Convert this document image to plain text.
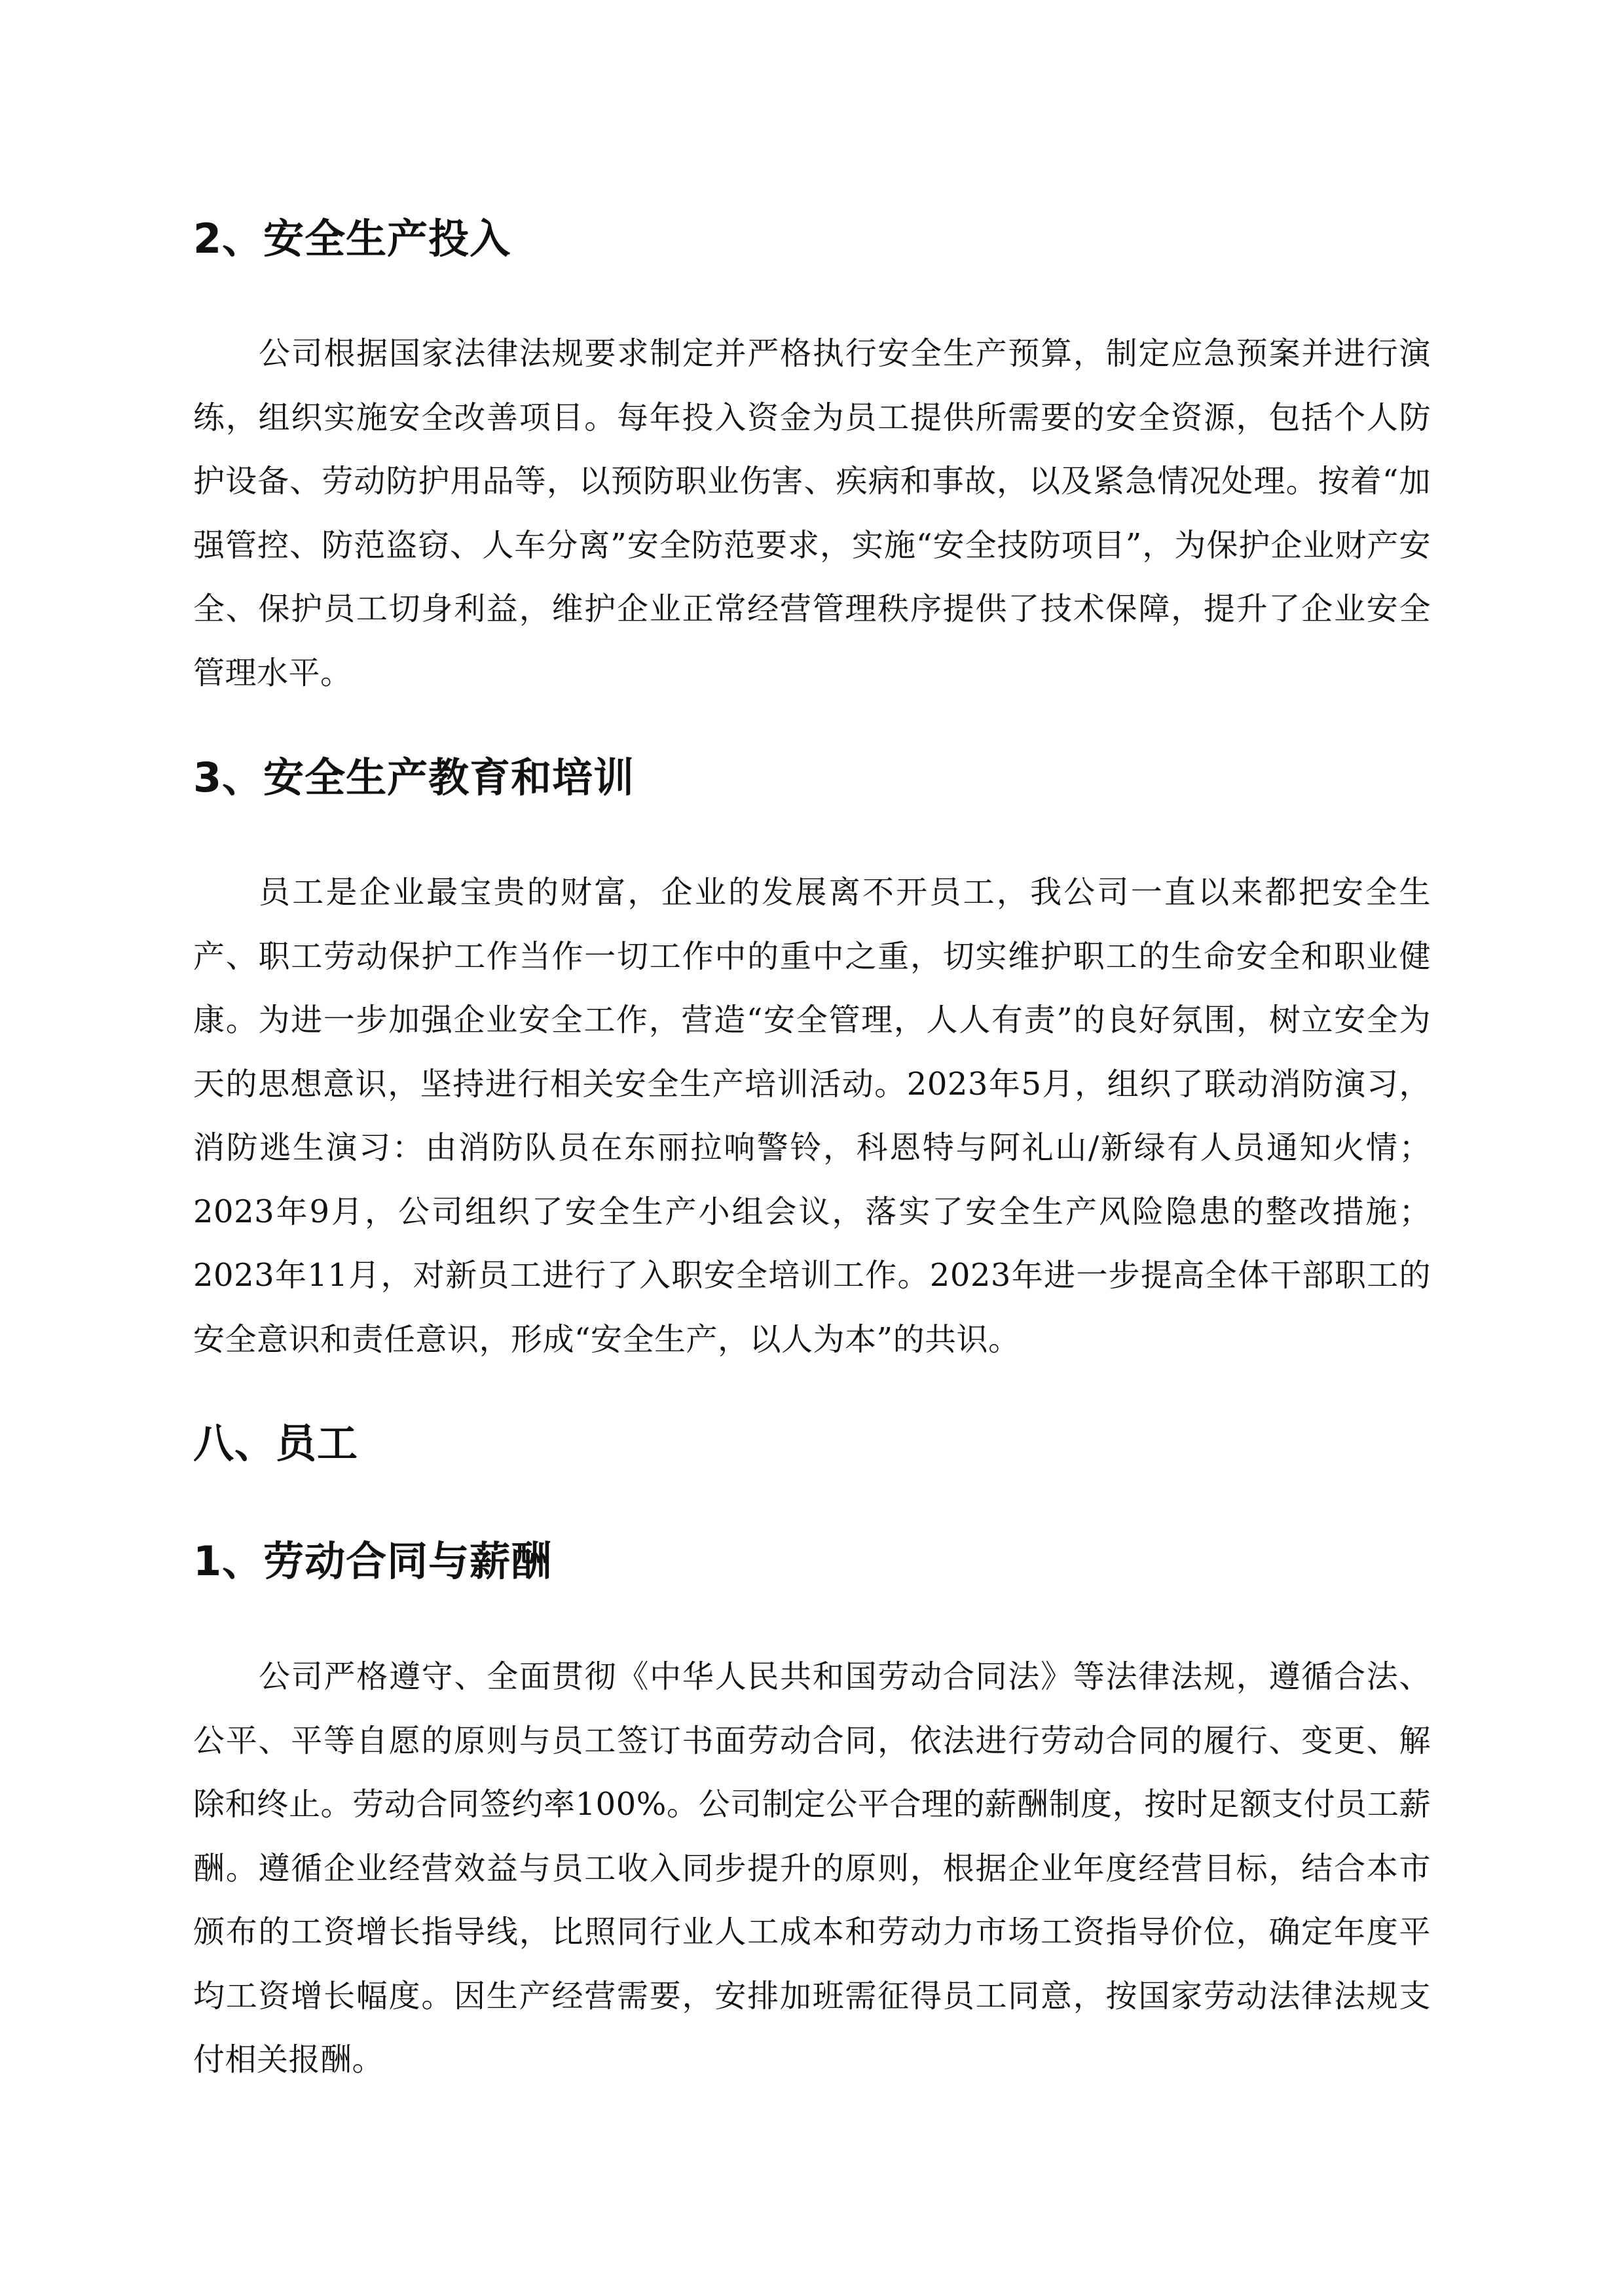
2、安全生产投入

公司根据国家法律法规要求制定并严格执行安全生产预算，制定应急预案并进行演练，组织实施安全改善项目。每年投入资金为员工提供所需要的安全资源，包括个人防护设备、劳动防护用品等，以预防职业伤害、疾病和事故，以及紧急情况处理。按着“加强管控、防范盗窃、人车分离”安全防范要求，实施“安全技防项目”，为保护企业财产安全、保护员工切身利益，维护企业正常经营管理秩序提供了技术保障，提升了企业安全管理水平。

3、安全生产教育和培训

员工是企业最宝贵的财富，企业的发展离不开员工，我公司一直以来都把安全生产、职工劳动保护工作当作一切工作中的重中之重，切实维护职工的生命安全和职业健康。为进一步加强企业安全工作，营造“安全管理，人人有责”的良好氛围，树立安全为天的思想意识，坚持进行相关安全生产培训活动。2023年5月，组织了联动消防演习，消防逃生演习：由消防队员在东丽拉响警铃，科恩特与阿礼山/新绿有人员通知火情；2023年9月，公司组织了安全生产小组会议，落实了安全生产风险隐患的整改措施；2023年11月，对新员工进行了入职安全培训工作。2023年进一步提高全体干部职工的安全意识和责任意识，形成“安全生产，以人为本”的共识。

八、员工
1、劳动合同与薪酬

公司严格遵守、全面贯彻《中华人民共和国劳动合同法》等法律法规，遵循合法、公平、平等自愿的原则与员工签订书面劳动合同，依法进行劳动合同的履行、变更、解除和终止。劳动合同签约率100%。公司制定公平合理的薪酬制度，按时足额支付员工薪酬。遵循企业经营效益与员工收入同步提升的原则，根据企业年度经营目标，结合本市颁布的工资增长指导线，比照同行业人工成本和劳动力市场工资指导价位，确定年度平均工资增长幅度。因生产经营需要，安排加班需征得员工同意，按国家劳动法律法规支付相关报酬。
